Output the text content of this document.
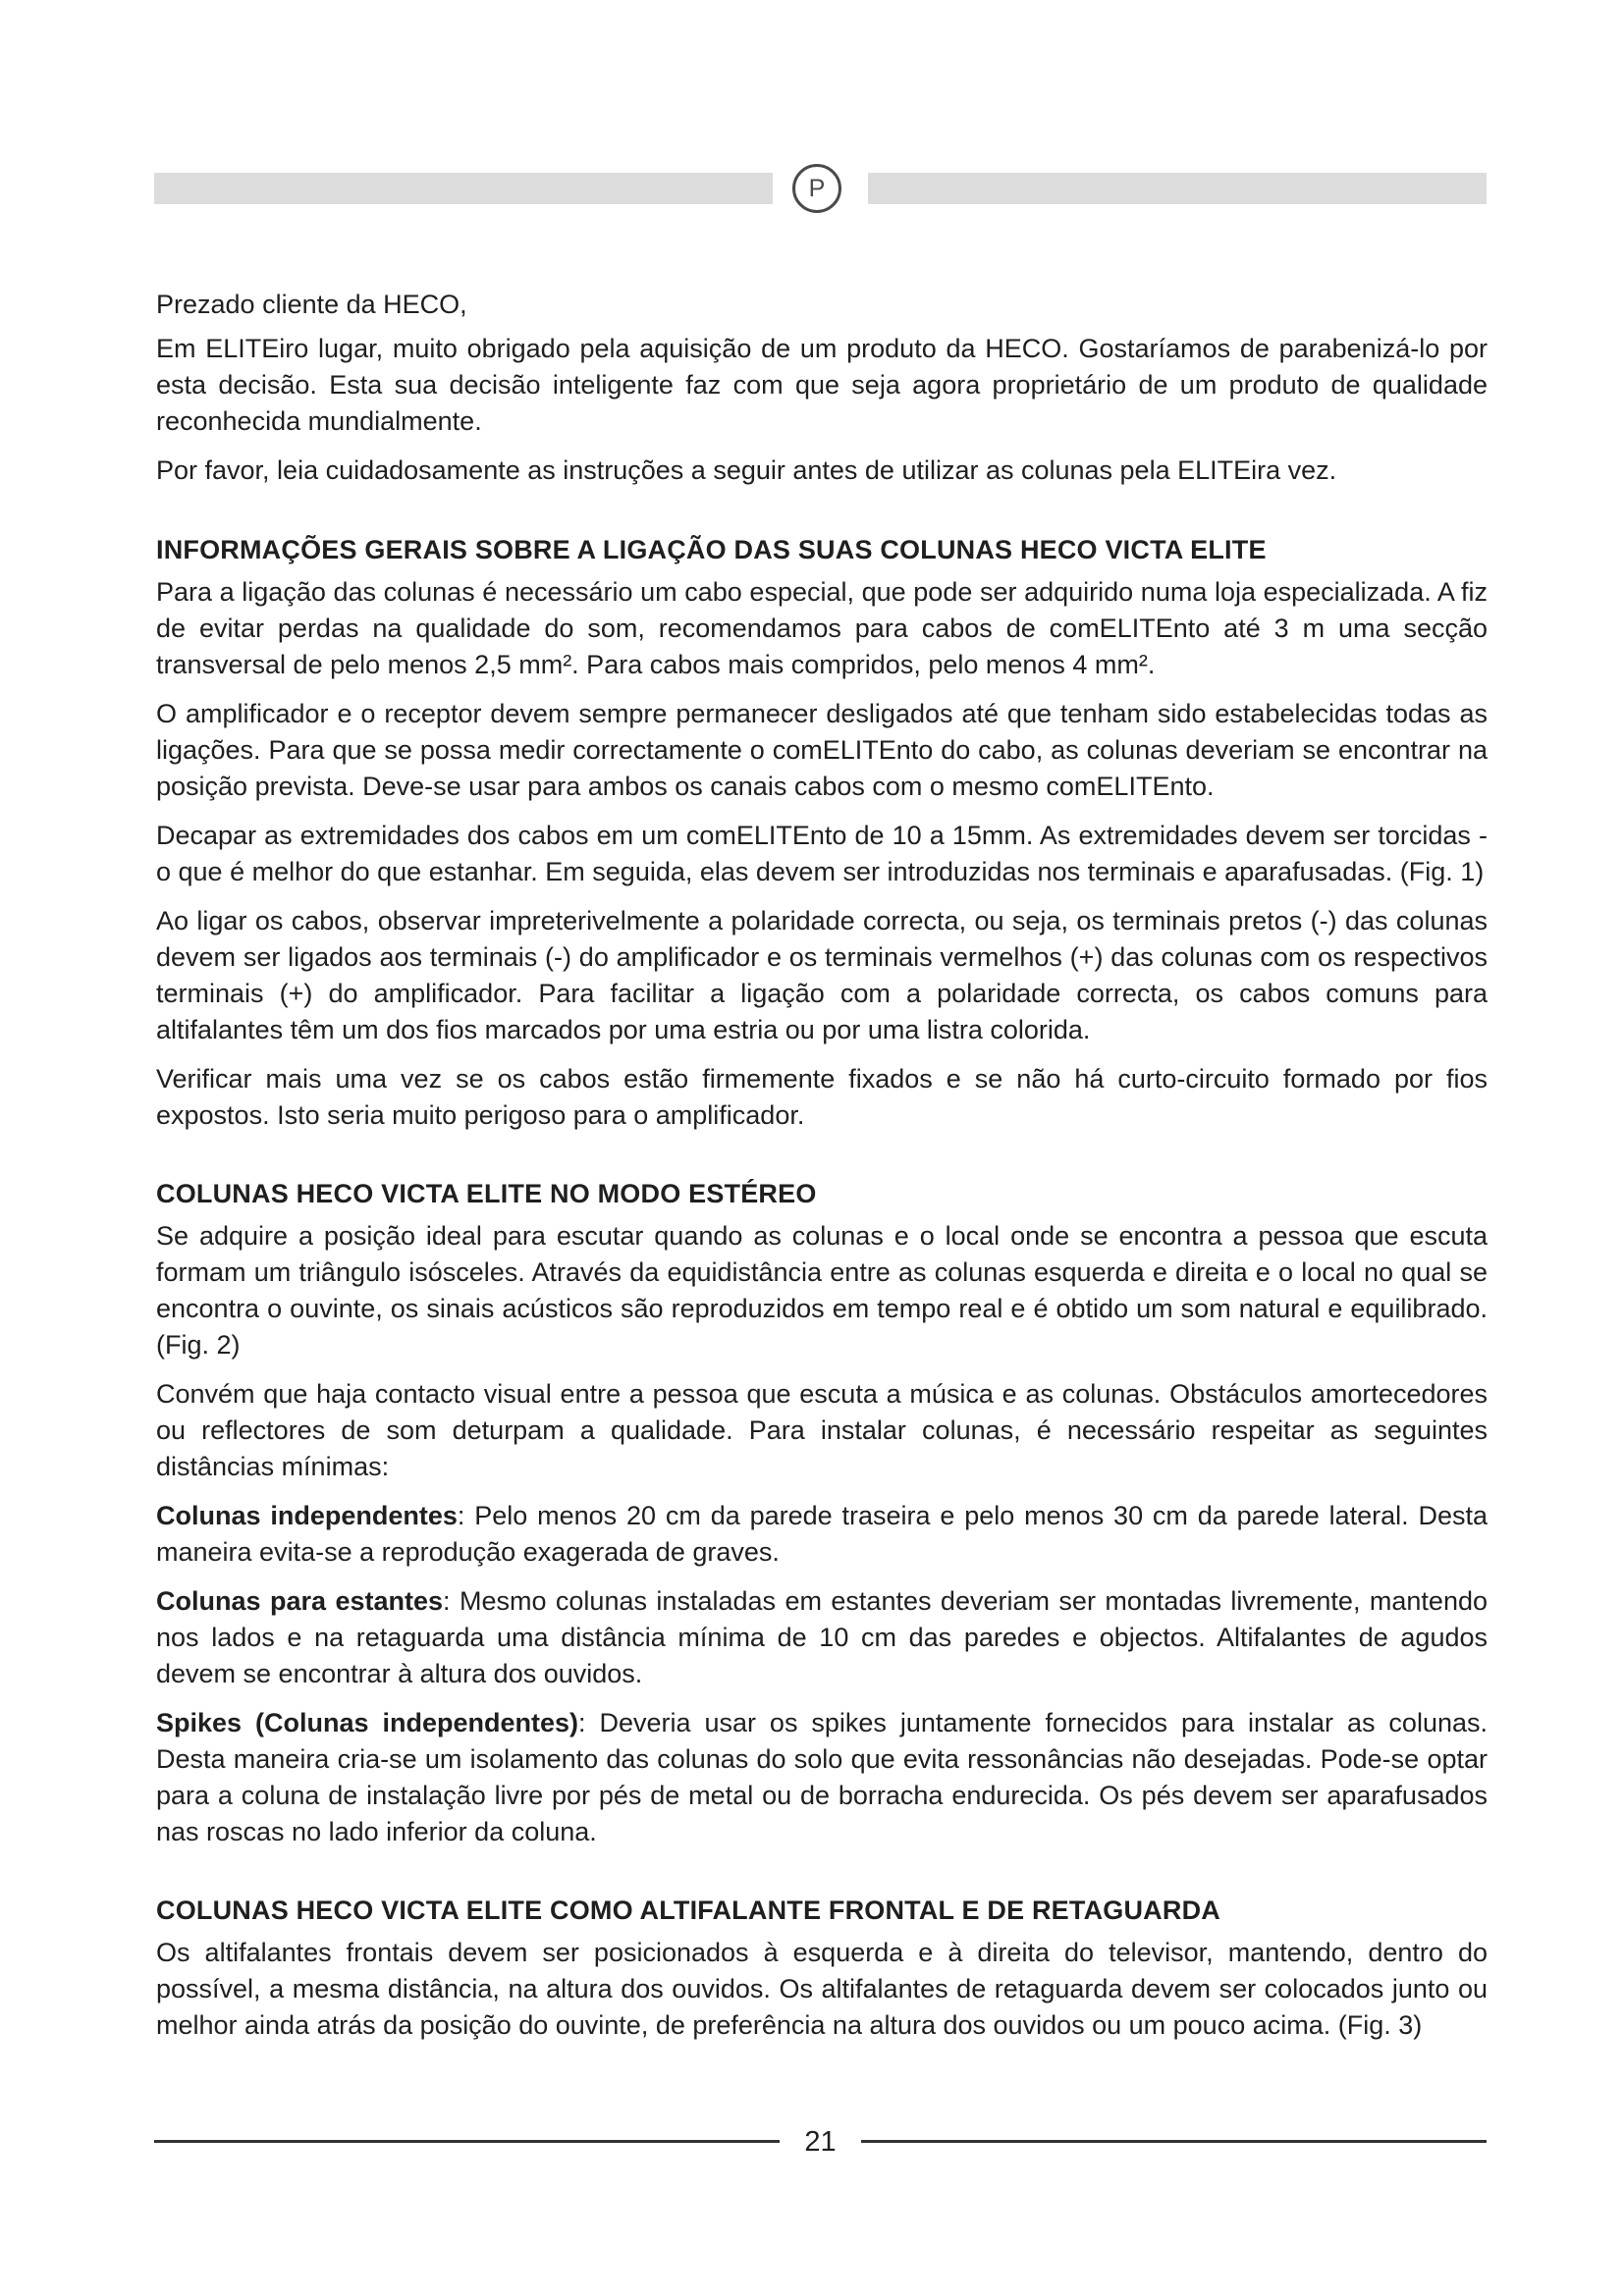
P

Prezado cliente da HECO,

Em ELITEiro lugar, muito obrigado pela aquisição de um produto da HECO. Gostaríamos de parabenizá-lo por esta decisão. Esta sua decisão inteligente faz com que seja agora proprietário de um produto de qualidade reconhecida mundialmente.

Por favor, leia cuidadosamente as instruções a seguir antes de utilizar as colunas pela ELITEira vez.

INFORMAÇÕES GERAIS SOBRE A LIGAÇÃO DAS SUAS COLUNAS HECO VICTA ELITE

Para a ligação das colunas é necessário um cabo especial, que pode ser adquirido numa loja especializada. A fiz de evitar perdas na qualidade do som, recomendamos para cabos de comELITEnto até 3 m uma secção transversal de pelo menos 2,5 mm². Para cabos mais compridos, pelo menos 4 mm².

O amplificador e o receptor devem sempre permanecer desligados até que tenham sido estabelecidas todas as ligações. Para que se possa medir correctamente o comELITEnto do cabo, as colunas deveriam se encontrar na posição prevista. Deve-se usar para ambos os canais cabos com o mesmo comELITEnto.

Decapar as extremidades dos cabos em um comELITEnto de 10 a 15mm. As extremidades devem ser torcidas - o que é melhor do que estanhar. Em seguida, elas devem ser introduzidas nos terminais e aparafusadas. (Fig. 1)

Ao ligar os cabos, observar impreterivelmente a polaridade correcta, ou seja, os terminais pretos (-) das colunas devem ser ligados aos terminais (-) do amplificador e os terminais vermelhos (+) das colunas com os respectivos terminais (+) do amplificador. Para facilitar a ligação com a polaridade correcta, os cabos comuns para altifalantes têm um dos fios marcados por uma estria ou por uma listra colorida.

Verificar mais uma vez se os cabos estão firmemente fixados e se não há curto-circuito formado por fios expostos. Isto seria muito perigoso para o amplificador.

COLUNAS HECO VICTA ELITE NO MODO ESTÉREO

Se adquire a posição ideal para escutar quando as colunas e o local onde se encontra a pessoa que escuta formam um triângulo isósceles. Através da equidistância entre as colunas esquerda e direita e o local no qual se encontra o ouvinte, os sinais acústicos são reproduzidos em tempo real e é obtido um som natural e equilibrado. (Fig. 2)

Convém que haja contacto visual entre a pessoa que escuta a música e as colunas. Obstáculos amortecedores ou reflectores de som deturpam a qualidade. Para instalar colunas, é necessário respeitar as seguintes distâncias mínimas:

Colunas independentes: Pelo menos 20 cm da parede traseira e pelo menos 30 cm da parede lateral. Desta maneira evita-se a reprodução exagerada de graves.

Colunas para estantes: Mesmo colunas instaladas em estantes deveriam ser montadas livremente, mantendo nos lados e na retaguarda uma distância mínima de 10 cm das paredes e objectos. Altifalantes de agudos devem se encontrar à altura dos ouvidos.

Spikes (Colunas independentes): Deveria usar os spikes juntamente fornecidos para instalar as colunas. Desta maneira cria-se um isolamento das colunas do solo que evita ressonâncias não desejadas. Pode-se optar para a coluna de instalação livre por pés de metal ou de borracha endurecida. Os pés devem ser aparafusados nas roscas no lado inferior da coluna.

COLUNAS HECO VICTA ELITE COMO ALTIFALANTE FRONTAL E DE RETAGUARDA

Os altifalantes frontais devem ser posicionados à esquerda e à direita do televisor, mantendo, dentro do possível, a mesma distância, na altura dos ouvidos. Os altifalantes de retaguarda devem ser colocados junto ou melhor ainda atrás da posição do ouvinte, de preferência na altura dos ouvidos ou um pouco acima. (Fig. 3)

21
